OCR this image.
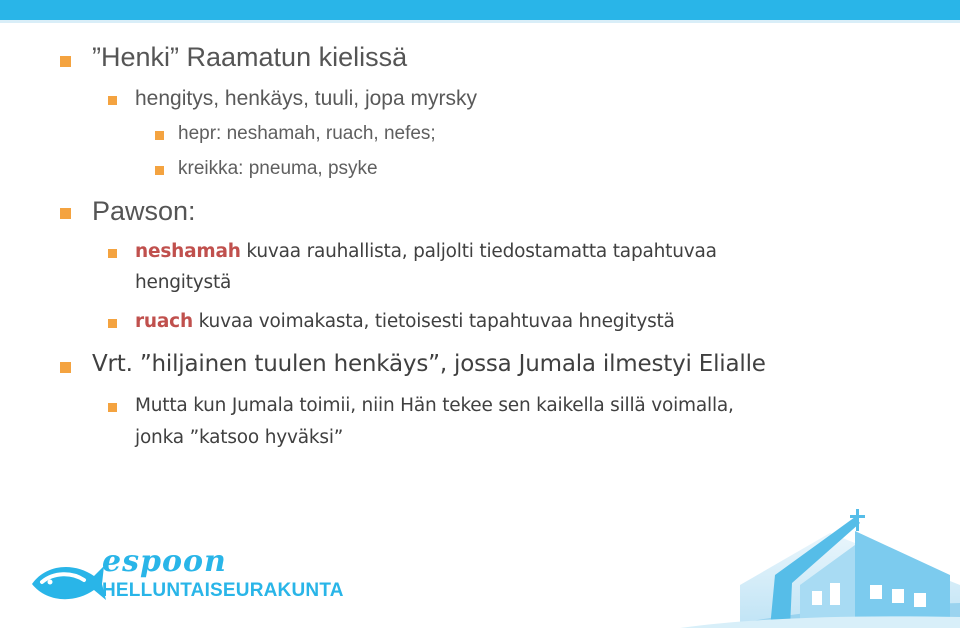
”Henki” Raamatun kielissä
hengitys, henkäys, tuuli, jopa myrsky
hepr: neshamah, ruach, nefes;
kreikka: pneuma, psyke
Pawson:
neshamah kuvaa rauhallista, paljolti tiedostamatta tapahtuvaa
hengitystä
ruach kuvaa voimakasta, tietoisesti tapahtuvaa hnegitystä
Vrt. ”hiljainen tuulen henkäys”, jossa Jumala ilmestyi Elialle
Mutta kun Jumala toimii, niin Hän tekee sen kaikella sillä voimalla,
jonka ”katsoo hyväksi”
espoon
HELLUNTAISEURAKUNTA
